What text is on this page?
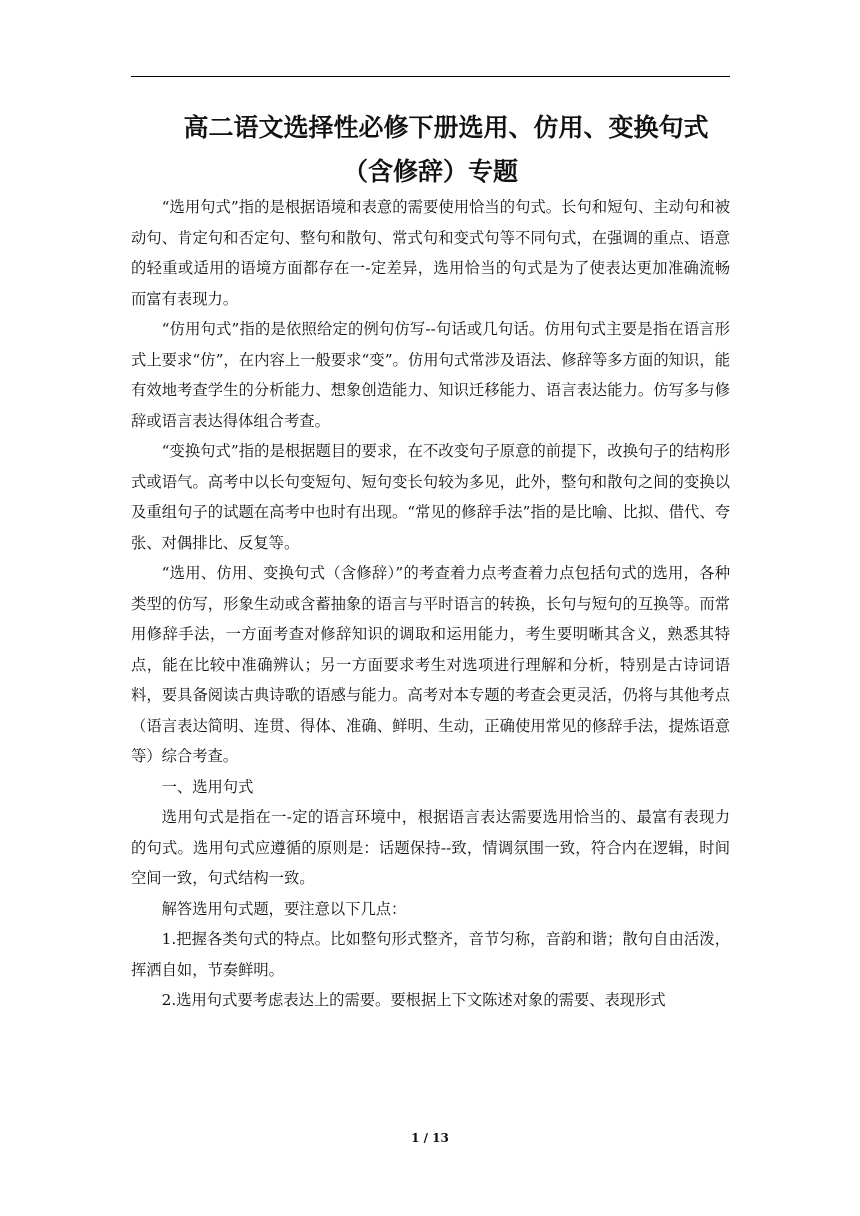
高二语文选择性必修下册选用、仿用、变换句式
（含修辞）专题

“选用句式”指的是根据语境和表意的需要使用恰当的句式。长句和短句、主动句和被动句、肯定句和否定句、整句和散句、常式句和变式句等不同句式，在强调的重点、语意的轻重或适用的语境方面都存在一-定差异，选用恰当的句式是为了使表达更加准确流畅而富有表现力。

“仿用句式”指的是依照给定的例句仿写--句话或几句话。仿用句式主要是指在语言形式上要求“仿”，在内容上一般要求“变”。仿用句式常涉及语法、修辞等多方面的知识，能有效地考查学生的分析能力、想象创造能力、知识迁移能力、语言表达能力。仿写多与修辞或语言表达得体组合考查。

“变换句式”指的是根据题目的要求，在不改变句子原意的前提下，改换句子的结构形式或语气。高考中以长句变短句、短句变长句较为多见，此外，整句和散句之间的变换以及重组句子的试题在高考中也时有出现。“常见的修辞手法”指的是比喻、比拟、借代、夸张、对偶排比、反复等。

“选用、仿用、变换句式（含修辞）”的考查着力点考查着力点包括句式的选用，各种类型的仿写，形象生动或含蓄抽象的语言与平时语言的转换，长句与短句的互换等。而常用修辞手法，一方面考查对修辞知识的调取和运用能力，考生要明晰其含义，熟悉其特点，能在比较中准确辨认；另一方面要求考生对选项进行理解和分析，特别是古诗词语料，要具备阅读古典诗歌的语感与能力。高考对本专题的考查会更灵活，仍将与其他考点（语言表达简明、连贯、得体、准确、鲜明、生动，正确使用常见的修辞手法，提炼语意等）综合考查。

一、选用句式

选用句式是指在一-定的语言环境中，根据语言表达需要选用恰当的、最富有表现力的句式。选用句式应遵循的原则是：话题保持--致，情调氛围一致，符合内在逻辑，时间空间一致，句式结构一致。

解答选用句式题，要注意以下几点：

1.把握各类句式的特点。比如整句形式整齐，音节匀称，音韵和谐；散句自由活泼，挥洒自如，节奏鲜明。

2.选用句式要考虑表达上的需要。要根据上下文陈述对象的需要、表现形式

1 / 13
